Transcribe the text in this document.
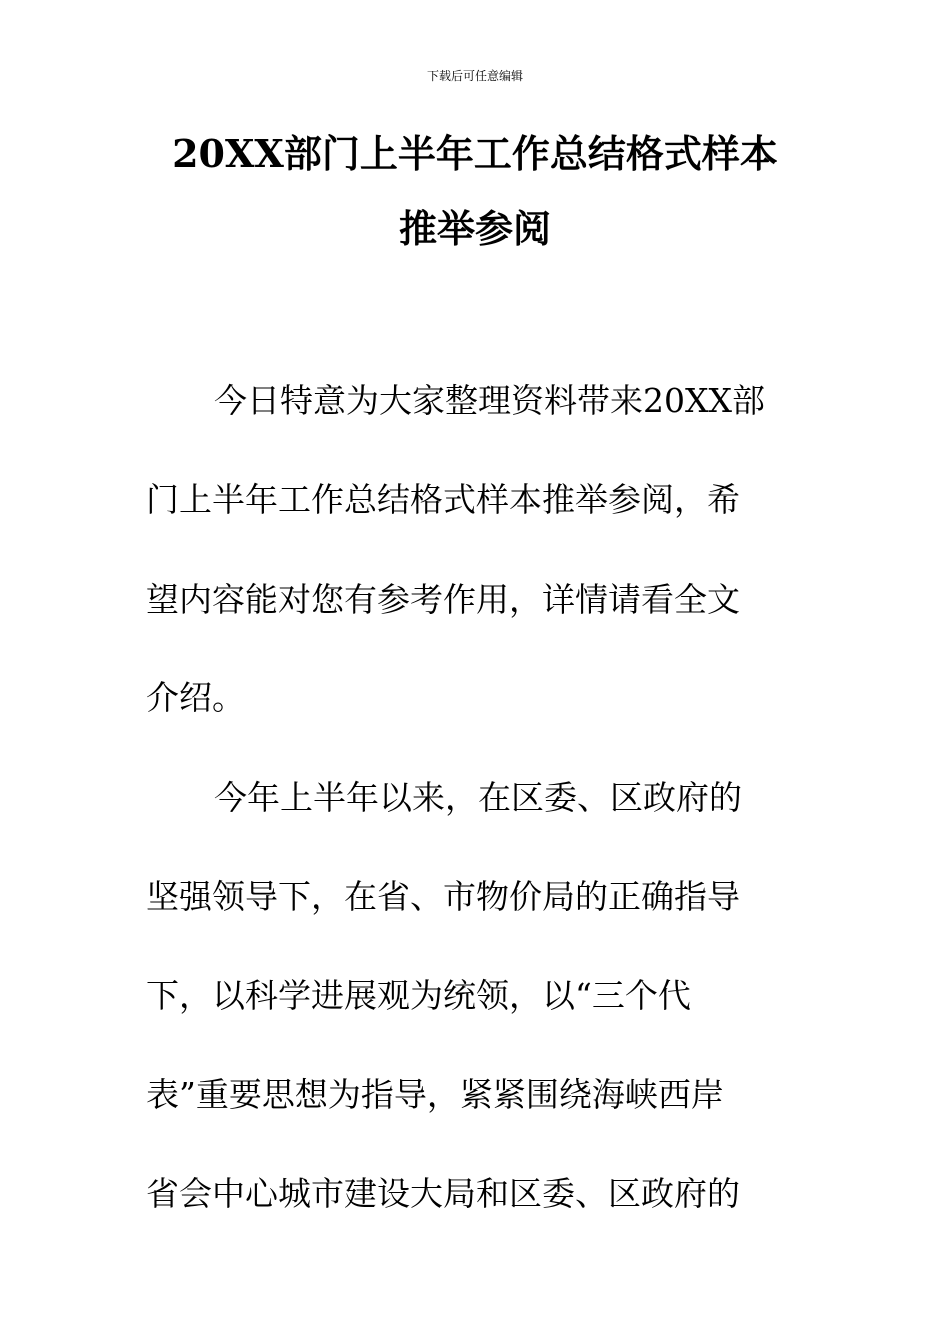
下载后可任意编辑
20XX部门上半年工作总结格式样本
推举参阅
今日特意为大家整理资料带来20XX部
门上半年工作总结格式样本推举参阅，希
望内容能对您有参考作用，详情请看全文
介绍。
今年上半年以来，在区委、区政府的
坚强领导下，在省、市物价局的正确指导
下，以科学进展观为统领，以“三个代
表”重要思想为指导，紧紧围绕海峡西岸
省会中心城市建设大局和区委、区政府的
